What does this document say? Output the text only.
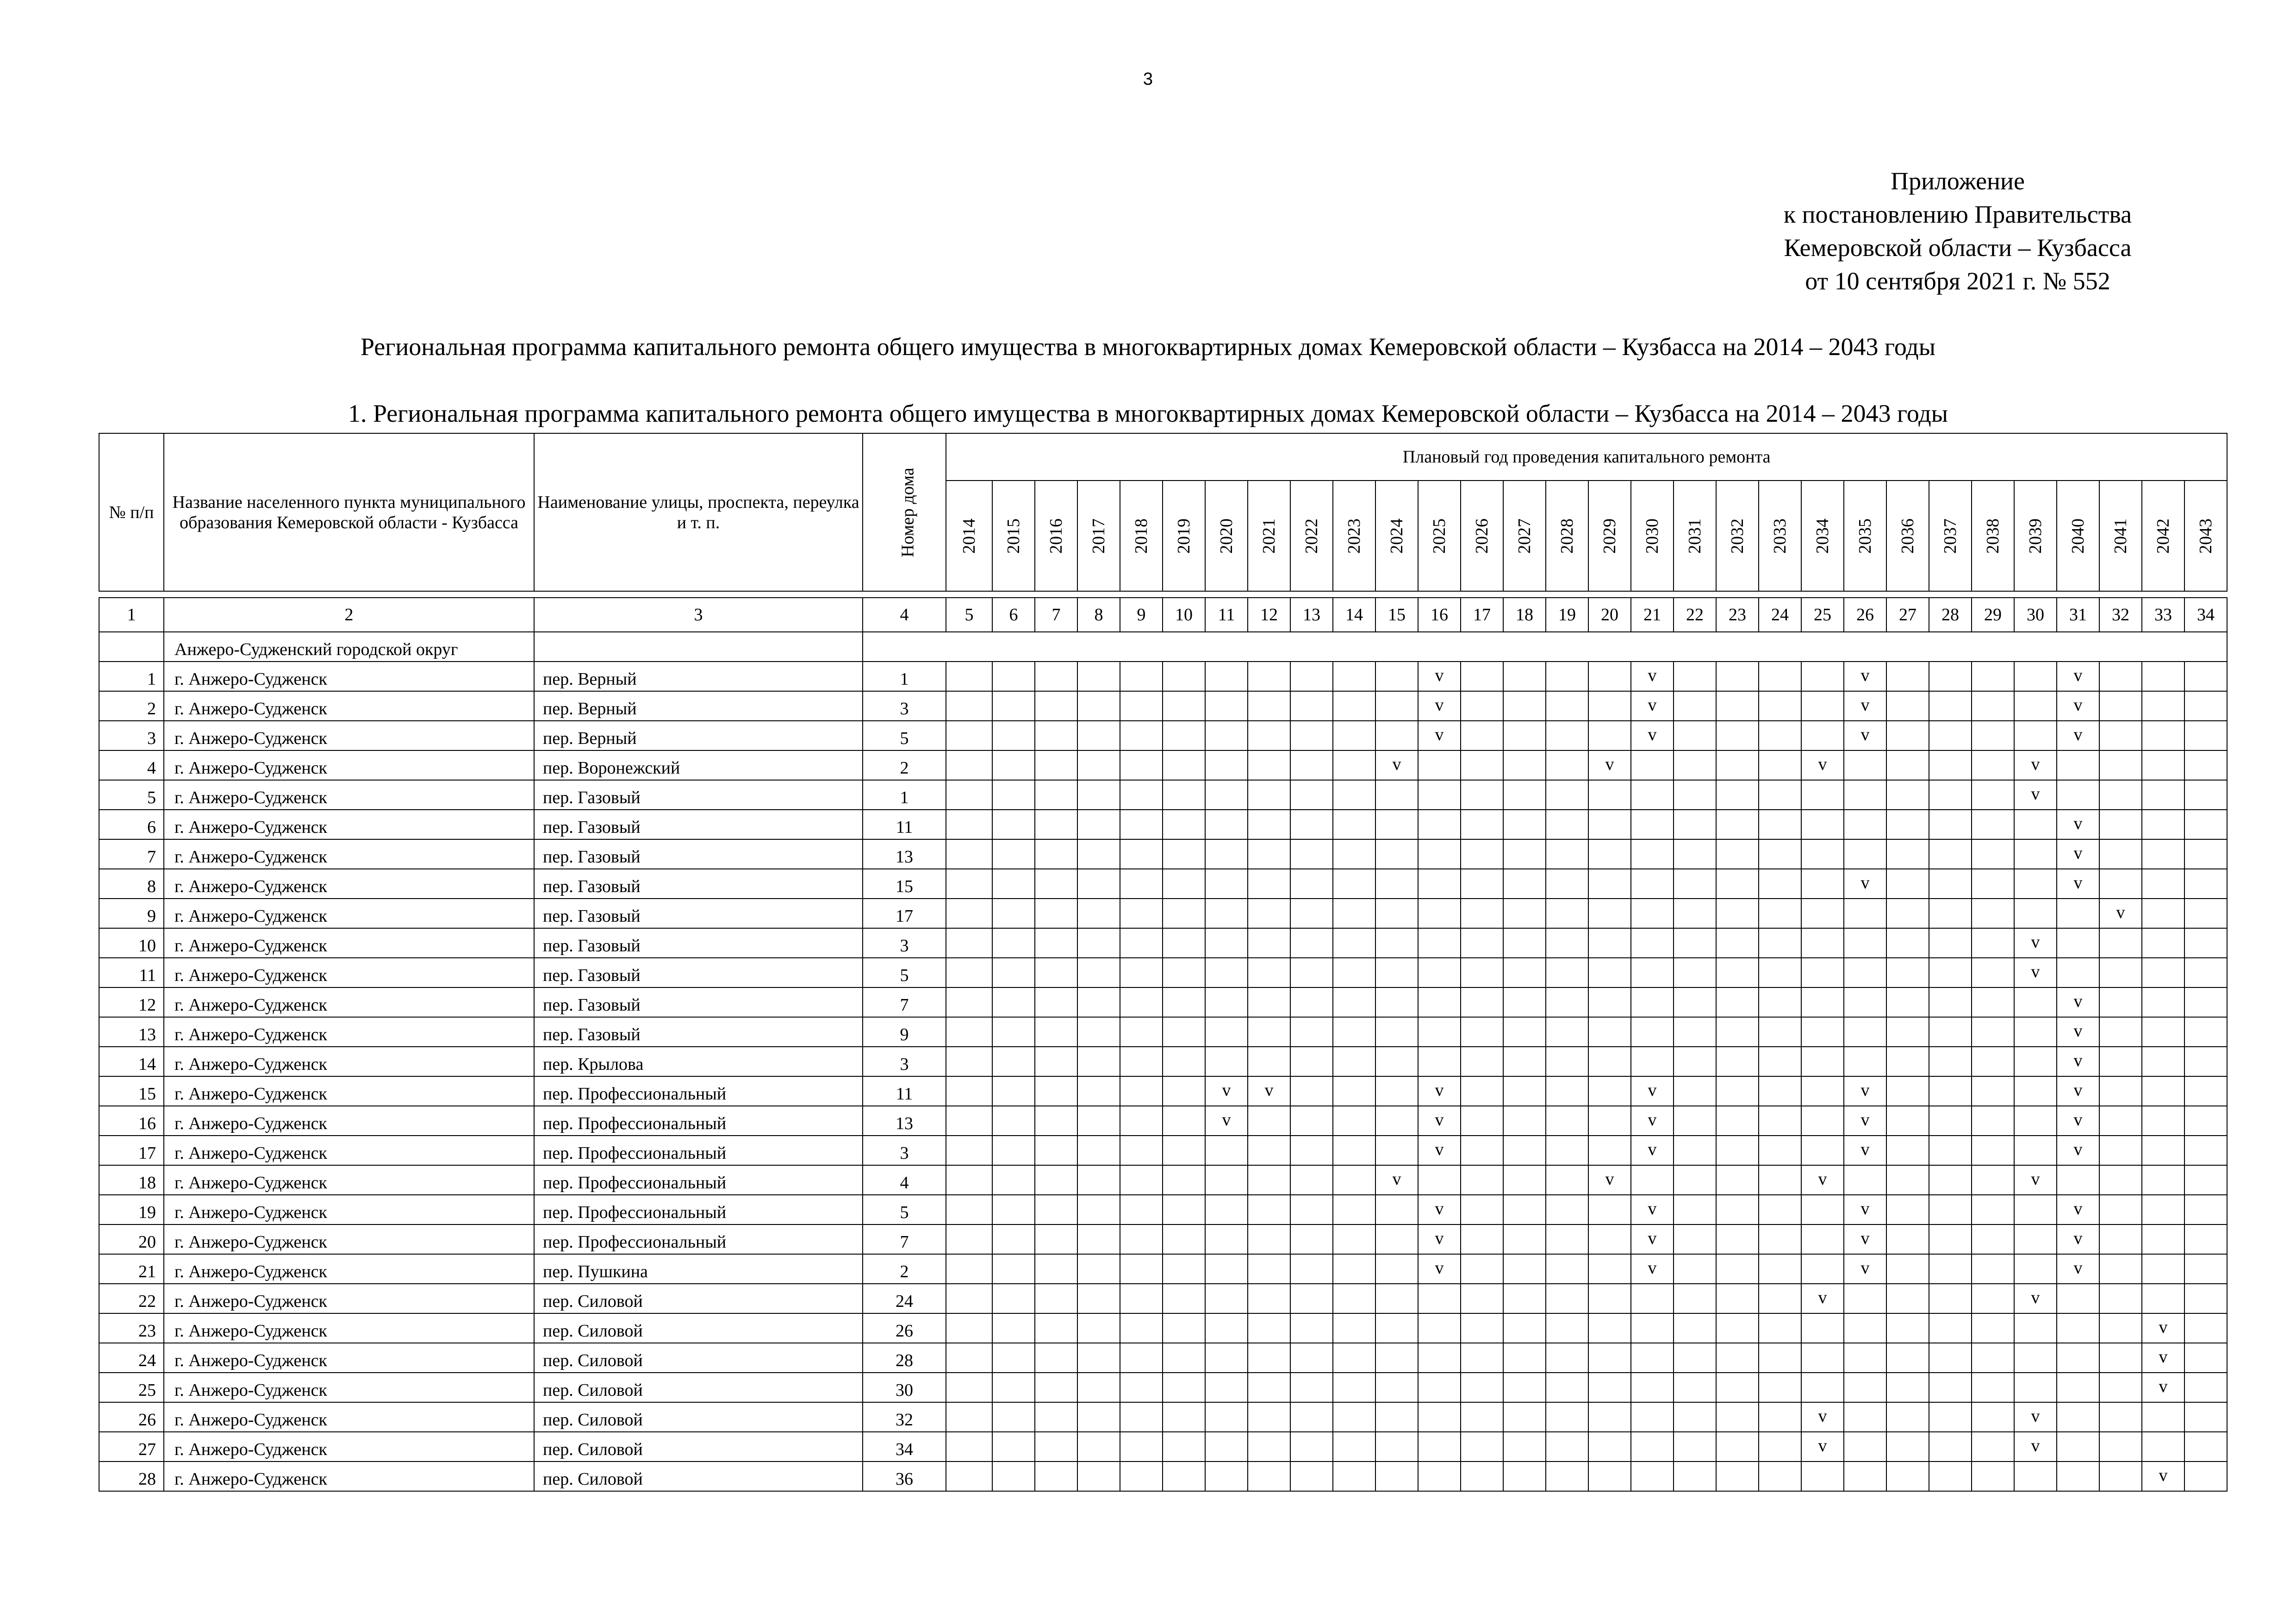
3
Приложение
к постановлению Правительства
Кемеровской области – Кузбасса
от 10 сентября 2021 г. № 552
Региональная программа капитального ремонта общего имущества в многоквартирных домах Кемеровской области – Кузбасса на 2014 – 2043 годы
1. Региональная программа капитального ремонта общего имущества в многоквартирных домах Кемеровской области – Кузбасса на 2014 – 2043 годы
№ п/п	Название населенного пункта муниципального образования Кемеровской области - Кузбасса	Наименование улицы, проспекта, переулка и т. п.	Номер дома	Плановый год проведения капитального ремонта																													
				2014	2015	2016	2017	2018	2019	2020	2021	2022	2023	2024	2025	2026	2027	2028	2029	2030	2031	2032	2033	2034	2035	2036	2037	2038	2039	2040	2041	2042	2043
1	2	3	4	5	6	7	8	9	10	11	12	13	14	15	16	17	18	19	20	21	22	23	24	25	26	27	28	29	30	31	32	33	34
	Анжеро-Судженский городской округ																																
1	г. Анжеро-Судженск	пер. Верный	1												v					v					v					v			
2	г. Анжеро-Судженск	пер. Верный	3												v					v					v					v			
3	г. Анжеро-Судженск	пер. Верный	5												v					v					v					v			
4	г. Анжеро-Судженск	пер. Воронежский	2											v					v					v					v				
5	г. Анжеро-Судженск	пер. Газовый	1																										v				
6	г. Анжеро-Судженск	пер. Газовый	11																											v			
7	г. Анжеро-Судженск	пер. Газовый	13																											v			
8	г. Анжеро-Судженск	пер. Газовый	15																						v					v			
9	г. Анжеро-Судженск	пер. Газовый	17																												v		
10	г. Анжеро-Судженск	пер. Газовый	3																										v				
11	г. Анжеро-Судженск	пер. Газовый	5																										v				
12	г. Анжеро-Судженск	пер. Газовый	7																											v			
13	г. Анжеро-Судженск	пер. Газовый	9																											v			
14	г. Анжеро-Судженск	пер. Крылова	3																											v			
15	г. Анжеро-Судженск	пер. Профессиональный	11							v	v				v					v					v					v			
16	г. Анжеро-Судженск	пер. Профессиональный	13							v					v					v					v					v			
17	г. Анжеро-Судженск	пер. Профессиональный	3												v					v					v					v			
18	г. Анжеро-Судженск	пер. Профессиональный	4											v					v					v					v				
19	г. Анжеро-Судженск	пер. Профессиональный	5												v					v					v					v			
20	г. Анжеро-Судженск	пер. Профессиональный	7												v					v					v					v			
21	г. Анжеро-Судженск	пер. Пушкина	2												v					v					v					v			
22	г. Анжеро-Судженск	пер. Силовой	24																					v					v				
23	г. Анжеро-Судженск	пер. Силовой	26																													v	
24	г. Анжеро-Судженск	пер. Силовой	28																													v	
25	г. Анжеро-Судженск	пер. Силовой	30																													v	
26	г. Анжеро-Судженск	пер. Силовой	32																					v					v				
27	г. Анжеро-Судженск	пер. Силовой	34																					v					v				
28	г. Анжеро-Судженск	пер. Силовой	36																													v	
